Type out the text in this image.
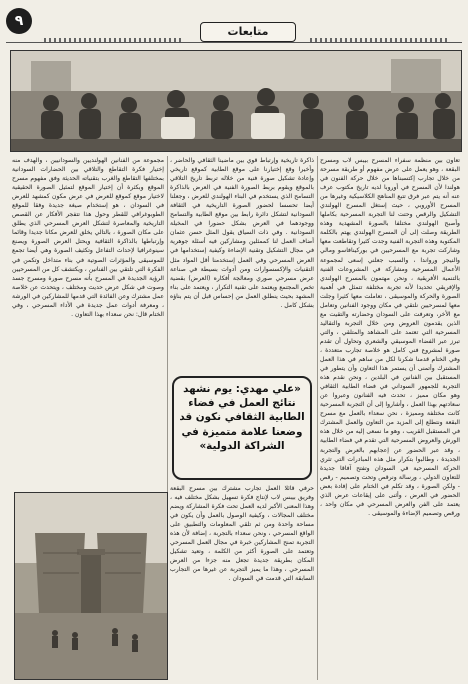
٩
متابعات
تعاون بين منظمة سفراء المسرح بيبس لاب ومسرح البقعة ، وهو يعمل على عرض مفهوم أو طريقة مسرحة من خلال تجارب إكتسبناها من خلال حركة الفنون في هولندا لأن المسرح في أوروبا لديه تاريخ مكتوب عرف عنه أنه يتم عبر فرق تتبع المناهج الكلاسيكية وغيرها من المسرح الأوروبي ، حيث إستغل المسرح الهولندي التشكيل والرقص وحتت لنا التجربة المسرحية بكاملها وأصبح الهولندي مختلفا بالصورة المشهدية وهذه الطريقة وصلت إلى أن المسرح الهولندي يهتم بالكلمة المكتوبة وهذه التجربة الفنية وجدت كثيرا وتقاطعت معها وشاركت تجربة مع المسرحيين في بوركينافاسو ومالي والنيجر ورواندا ، والسبب جعلني إسعى لمجموعة الأعمال المسرحية ومشاركة في المشروعات الفنية بالتنمية الأفريقية ، ونحن مهتمون بالمسرح الهولندي والإفريقي تحديدا لأنه تجربة مختلفة تتمثل في أهمية الصورة والحركة والموسيقى ، تعاملت معها كثيرا وجلت معها لمسرحيين نلتقي في مكان ووجود الفنانين وتعامل مع الأخر، وتعرفت على السودان وحضارته والتقيت مع الذين يقدمون العروض ومن خلال التجربة والتقاليد المسرحية التي تعتمد على المشاهد والمتلقي ، والتي تبرز عبر الفضاء الموسيقي والشعري وتحاول أن تقدم صورة لمشروع فني كامل هو خلاصة تجارب متعددة ، وفي الختام قدمنا شكرنا لكل من ساهم في هذا العمل المشترك وأتمنى أن يستمر هذا التعاون وأن يتطور في المستقبل بين الفنانين في البلدين ، ونحن نقدم هذه التجربة للجمهور السوداني في فضاء الطابية الثقافي وهو مكان مميز ، تحدث فيه الفنانون وعبروا عن سعادتهم بهذا العمل ، وأشاروا إلى أن التجربة المسرحية كانت مختلفة ومميزة ، نحن سعداء بالعمل مع مسرح البقعة ونتطلع إلى المزيد من التعاون والعمل المشترك في المستقبل القريب ، وهو ما نسعى إليه من خلال هذه الورش والعروض المسرحية التي تقدم في فضاء الطابية ، وقد عبر الحضور عن إعجابهم بالعرض والتجربة الجديدة ، وطالبوا بتكرار مثل هذه المبادرات التي تثري الحركة المسرحية في السودان وتفتح آفاقا جديدة للتعاون الدولي ، ورسالة ونرقص وتحت وتصميم - رقص - ولكن الصورة ، وقد تكلم في الختام على إفادة بعض الحضور في العرض ، وأثنى على إيقاعات عرض الذي يعتمد على الفن والعرض المسرحي في مكان واحد ، ورقص وتصميم الإضاءة والموسيقى .
ذاكرة تاريخية وإرتباط قوي بين ماضينا الثقافي والحاضر ، وأخيرا وقع إختيارنا على موقع الطابية كموقع تاريخي وإعادة تشكيل صورة فنية من خلاله تربط تاريخ التلاقي بالموقع ويقوم بربط الصورة الفنية في العرض بالذاكرة التسامح الذي يستخدم في البناء الهولندي للعرض ، وجعلنا أيضا تحسسا لحضور الصورة التاريخية في الثقافة السودانية لتشكل دائرة رابط بين موقع الطابية والتسامح ووجودهما في العرض بشكل حضورا في المخيلة السودانية . وفي ذات السياق يقول المثل حسن عثمان أضاف العمل لنا كممثلين ومشاركين فيه أسئلة جوهرية في مجال التشكيل وتقنية الإضاءة وكيفية إستخدامها في العرض المسرحي وفي العمل إستخدمنا أقل المواد مثل التقنيات والإكسسوارات ومن أدوات بسيطة في صناعة عرض مسرحي صوري ومعالجة أفكاره (العرض) بقضية تخص المجتمع ويعتمد على تقنية التكرار ، ويعتمد على بناء المشهد بحيث ينطلق العمل من إحساس قبل أن يتم بناؤه بشكل كامل .
«علي مهدي: يوم نشهد نتائج العمل في فضاء الطابية الثقافي نكون قد وضعنا علامة متميزة في الشراكة الدولية»
حرفي قائلا العمل تجارب مشترك بين مسرح البقعة وفريق بيبس لاب لإنتاج فكرة تسهيل بشكل مختلف فيه ، وهذا المعنى الأكبر لديه العمل تحت فكرة المشاركة ويضم مختلف المجالات ، وكيفية الوصول بالعمل وأن يكون في مساحة واحدة ومن ثم تلقي المعلومات والتطبيق على الواقع المسرحي ، ونحن سعداء بالتجربة ، إضافة لأن هذه التجربة تمنح المشاركين خبرة في مجال العمل المسرحي وتعتمد على الصورة أكثر من الكلمة ، وتعيد تشكيل المكان بطريقة جديدة تجعل منه جزءا من العرض المسرحي ، وهذا ما يميز التجربة عن غيرها من التجارب السابقة التي قدمت في السودان .
مجموعة من الفنانين الهولنديين والسودانيين ، والهدف منه إختيار فكرة التقاطع والتلاقي بين الحضارات السودانية بمختلفها التقاطع والغرب بتقنياته الحديثة وفق مفهوم مسرح الموقع وبكثرة أن إختيار الموقع لتمثيل الصورة الحقيقية لاختيار موقع كموقع للعرض في عرض مكون كمشهد للعرض في السودان ، هو إستخدام صيغة جديدة وفقا للموقع الطوبوغرافي للقطر وحول هذا تتفجر الأفكار عن القصص التاريخية والمعاصرة لتشكل العرض المسرحي الذي يطلق على مكان الصورة ، بالتالي يخلق للعرض مكانا جديدا وقائما وإرتباطها بالذاكرة الثقافية ويحتل العرض الصورة ويصنع سينوغرافيا لإحداث التفاعل وتكثيف الصورة وهي أيضا تجمع للموسيقى والمؤثرات الصوتية في بناء متداخل وتكمن في الفكرة التي تلتقي بين الفنانين ، ويكتشف كل من المسرحيين الرؤية الجديدة في المسرح بأنه مسرح صورة ومسرح جسد وصوت في شكل عرض حديث ومختلف ، ويتحدث عن خلاصة عمل مشترك وعن الفائدة التي قدمها للمشاركين في الورشة ، ومعرفة أدوات عمل جديدة في الأداء المسرحي ، وفي الختام قال: نحن سعداء بهذا التعاون .
